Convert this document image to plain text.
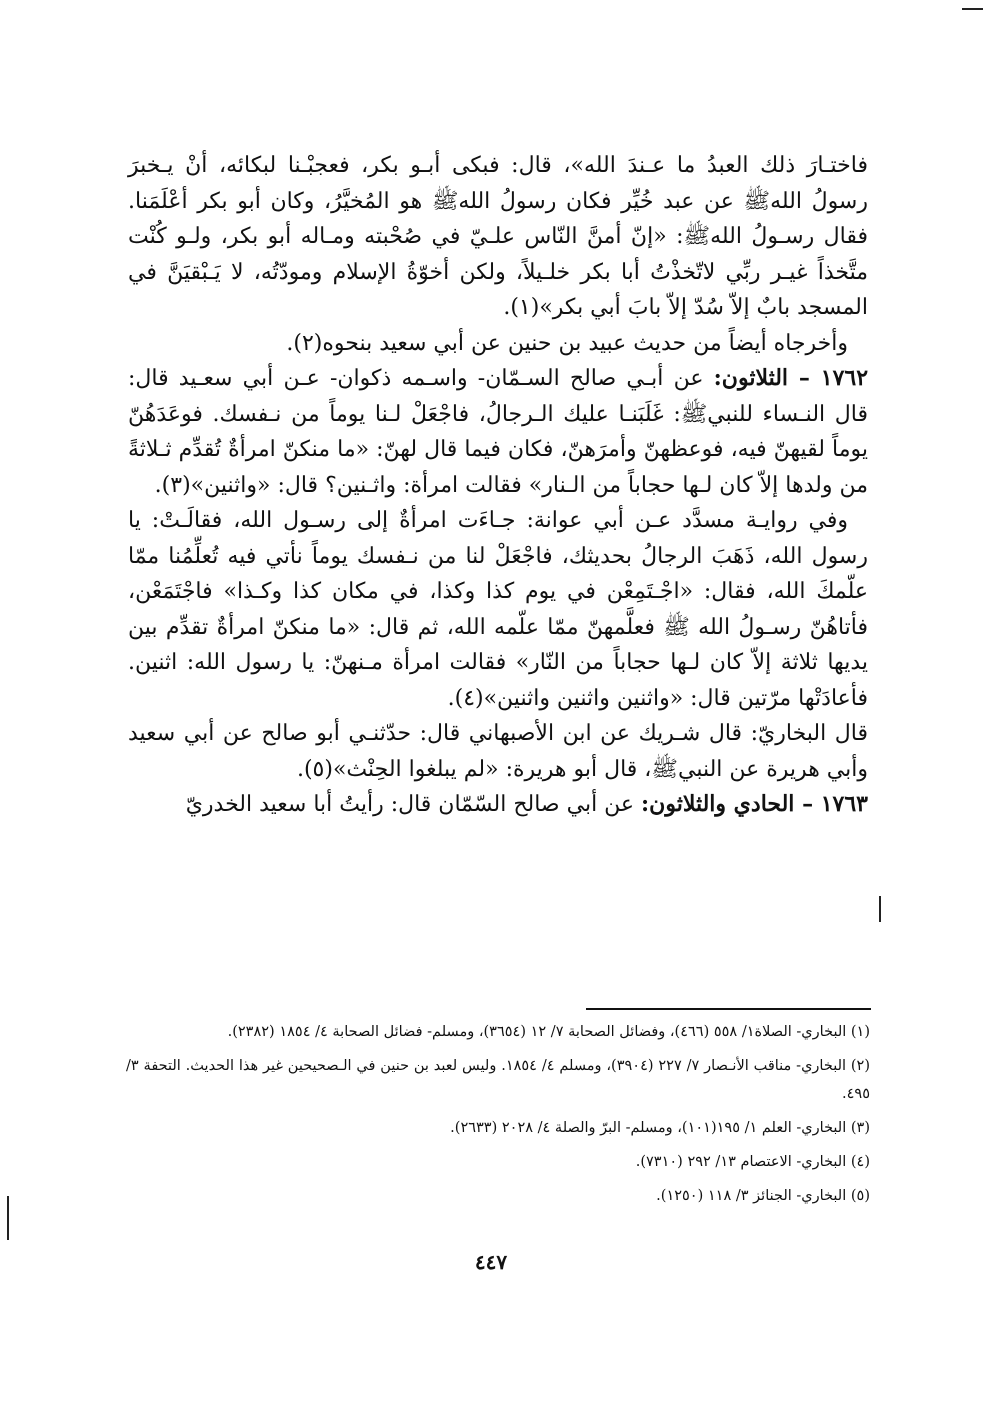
فاختـارَ ذلك العبدُ ما عـندَ الله»، قال: فبكى أبـو بكر، فعجبْـنا لبكائه، أنْ يـخبرَ رسولُ اللهﷺ عن عبد خُيِّر فكان رسولُ اللهﷺ هو المُخيَّرُ، وكان أبو بكر أعْلَمَنا. فقال رسـولُ اللهﷺ: «إنّ أمنَّ النّاس علـيّ في صُحْبته ومـاله أبو بكر، ولـو كُنْت متَّخذاً غيـر ربِّي لاتّخذْتُ أبا بكر خلـيلاً، ولكن أخوّةُ الإسلام ومودّتُه، لا يَـبْقيَنَّ في المسجد بابٌ إلاّ سُدّ إلاّ بابَ أبي بكر»(١).

وأخرجاه أيضاً من حديث عبيد بن حنين عن أبي سعيد بنحوه(٢).

١٧٦٢ – الثلاثون: عن أبـي صالح السـمّان- واسـمه ذكوان- عـن أبي سعـيد قال: قال النـساء للنبيﷺ: غَلَبَنـا عليك الـرجالُ، فاجْعَلْ لـنا يوماً من نـفسك. فوعَدَهُنّ يوماً لقيهنّ فيه، فوعظهنّ وأمرَهنّ، فكان فيما قال لهنّ: «ما منكنّ امرأةٌ تُقدِّم ثـلاثةً من ولدها إلاّ كان لـها حجاباً من الـنار» فقالت امرأة: واثـنين؟ قال: «واثنين»(٣).

وفي روايـة مسدَّد عـن أبي عوانة: جـاءَت امرأةٌ إلى رسـول الله، فقالَـتْ: يا رسول الله، ذَهَبَ الرجالُ بحديثك، فاجْعَلْ لنا من نـفسك يوماً نأتي فيه تُعلِّمُنا ممّا علّمكَ الله، فقال: «اجْـتَمِعْن في يوم كذا وكذا، في مكان كذا وكـذا» فاجْتَمَعْن، فأتاهُنّ رسـولُ الله ﷺ فعلَّمهنّ ممّا علّمه الله، ثم قال: «ما منكنّ امرأةٌ تقدِّم بين يديها ثلاثة إلاّ كان لـها حجاباً من النّار» فقالت امرأة مـنهنّ: يا رسول الله: اثنين. فأعادَتْها مرّتين قال: «واثنين واثنين واثنين»(٤).

قال البخاريّ: قال شـريك عن ابن الأصبهاني قال: حدّثنـي أبو صالح عن أبي سعيد وأبي هريرة عن النبيﷺ، قال أبو هريرة: «لم يبلغوا الحِنْث»(٥).

١٧٦٣ – الحادي والثلاثون: عن أبي صالح السّمّان قال: رأيتُ أبا سعيد الخدريّ

(١) البخاري- الصلاة١/ ٥٥٨ (٤٦٦)، وفضائل الصحابة ٧/ ١٢ (٣٦٥٤)، ومسلم- فضائل الصحابة ٤/ ١٨٥٤ (٢٣٨٢).

(٢) البخاري- مناقب الأنـصار ٧/ ٢٢٧ (٣٩٠٤)، ومسلم ٤/ ١٨٥٤. وليس لعبد بن حنين في الـصحيحين غير هذا الحديث. التحفة ٣/ ٤٩٥.

(٣) البخاري- العلم ١/ ١٩٥(١٠١)، ومسلم- البرّ والصلة ٤/ ٢٠٢٨ (٢٦٣٣).

(٤) البخاري- الاعتصام ١٣/ ٢٩٢ (٧٣١٠).

(٥) البخاري- الجنائز ٣/ ١١٨ (١٢٥٠).

٤٤٧
